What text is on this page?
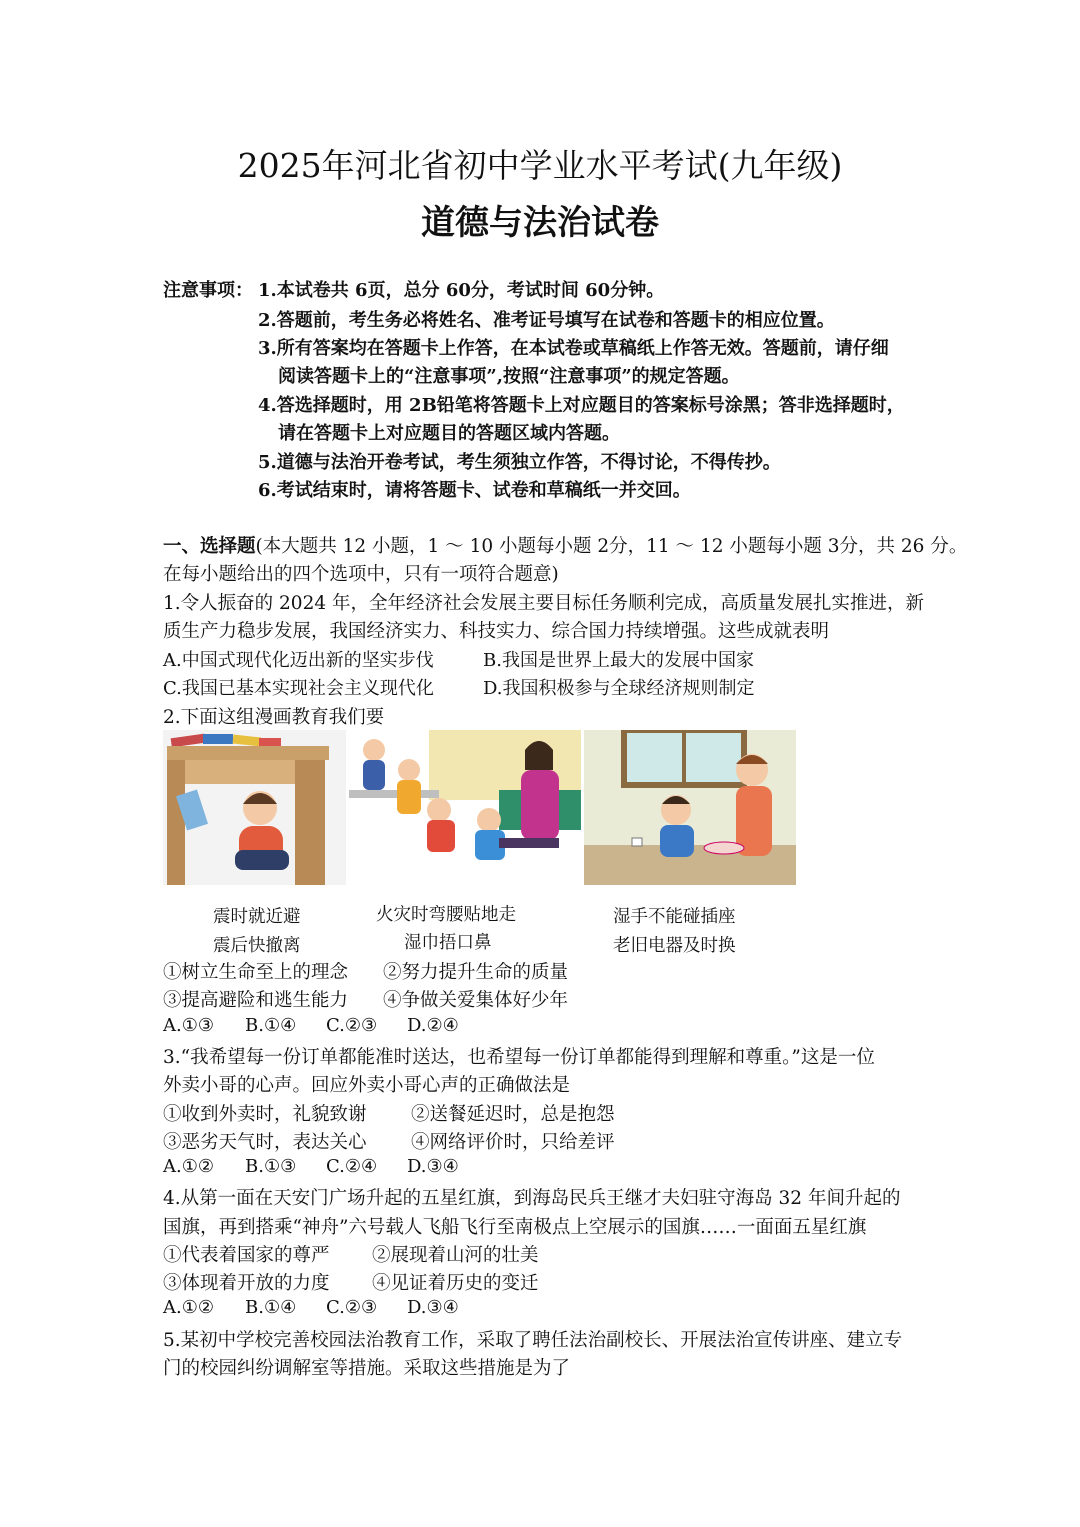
2025年河北省初中学业水平考试(九年级)
道德与法治试卷
注意事项： 1.本试卷共 6页，总分 60分，考试时间 60分钟。
2.答题前，考生务必将姓名、准考证号填写在试卷和答题卡的相应位置。
3.所有答案均在答题卡上作答，在本试卷或草稿纸上作答无效。答题前，请仔细
阅读答题卡上的“注意事项”,按照“注意事项”的规定答题。
4.答选择题时，用 2B铅笔将答题卡上对应题目的答案标号涂黑；答非选择题时，
请在答题卡上对应题目的答题区域内答题。
5.道德与法治开卷考试，考生须独立作答，不得讨论，不得传抄。
6.考试结束时，请将答题卡、试卷和草稿纸一并交回。
一、选择题(本大题共 12 小题，1 ～ 10 小题每小题 2分，11 ～ 12 小题每小题 3分，共 26 分。
在每小题给出的四个选项中，只有一项符合题意)
1.令人振奋的 2024 年，全年经济社会发展主要目标任务顺利完成，高质量发展扎实推进，新
质生产力稳步发展，我国经济实力、科技实力、综合国力持续增强。这些成就表明
A.中国式现代化迈出新的坚实步伐	B.我国是世界上最大的发展中国家
C.我国已基本实现社会主义现代化	D.我国积极参与全球经济规则制定
2.下面这组漫画教育我们要
震时就近避
震后快撤离
火灾时弯腰贴地走
湿巾捂口鼻
湿手不能碰插座
老旧电器及时换
①树立生命至上的理念 ②努力提升生命的质量
③提高避险和逃生能力 ④争做关爱集体好少年
A.①③ B.①④ C.②③ D.②④
3.“我希望每一份订单都能准时送达，也希望每一份订单都能得到理解和尊重。”这是一位
外卖小哥的心声。回应外卖小哥心声的正确做法是
①收到外卖时，礼貌致谢 ②送餐延迟时，总是抱怨
③恶劣天气时，表达关心 ④网络评价时，只给差评
A.①② B.①③ C.②④ D.③④
4.从第一面在天安门广场升起的五星红旗，到海岛民兵王继才夫妇驻守海岛 32 年间升起的
国旗，再到搭乘“神舟”六号载人飞船飞行至南极点上空展示的国旗……一面面五星红旗
①代表着国家的尊严 ②展现着山河的壮美
③体现着开放的力度 ④见证着历史的变迁
A.①② B.①④ C.②③ D.③④
5.某初中学校完善校园法治教育工作，采取了聘任法治副校长、开展法治宣传讲座、建立专
门的校园纠纷调解室等措施。采取这些措施是为了
